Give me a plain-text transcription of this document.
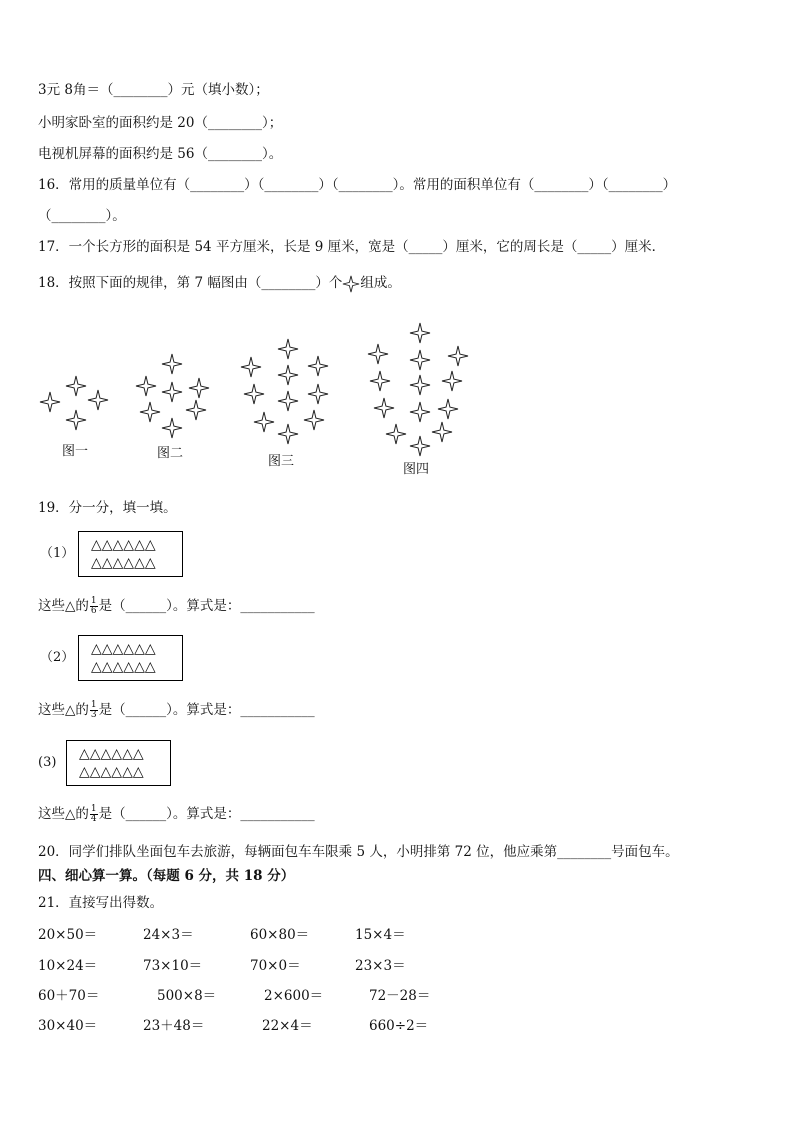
3元 8角＝（________）元（填小数）；
小明家卧室的面积约是 20（________）；
电视机屏幕的面积约是 56（________）。
16．常用的质量单位有（________）（________）（________）。常用的面积单位有（________）（________）
（________）。
17．一个长方形的面积是 54 平方厘米，长是 9 厘米，宽是（_____）厘米，它的周长是（_____）厘米．
18．按照下面的规律，第 7 幅图由（________）个 组成。
图一	图二
图三
图四
19．分一分，填一填。
（1）
△△△△△△
△△△△△△
这些△的 $\frac{1}{6}$ 是（______）。算式是：___________
（2）
△△△△△△
△△△△△△
这些△的 $\frac{1}{3}$ 是（______）。算式是：___________
(3)
△△△△△△
△△△△△△
这些△的 $\frac{1}{4}$ 是（______）。算式是：___________
20．同学们排队坐面包车去旅游，每辆面包车车限乘 5 人，小明排第 72 位，他应乘第________号面包车。
四、细心算一算。（每题 6 分，共 18 分）
21．直接写出得数。
20×50＝	24×3＝	60×80＝	15×4＝
10×24＝	73×10＝	70×0＝	23×3＝
60＋70＝	500×8＝	2×600＝	72－28＝
30×40＝	23＋48＝	22×4＝	660÷2＝
